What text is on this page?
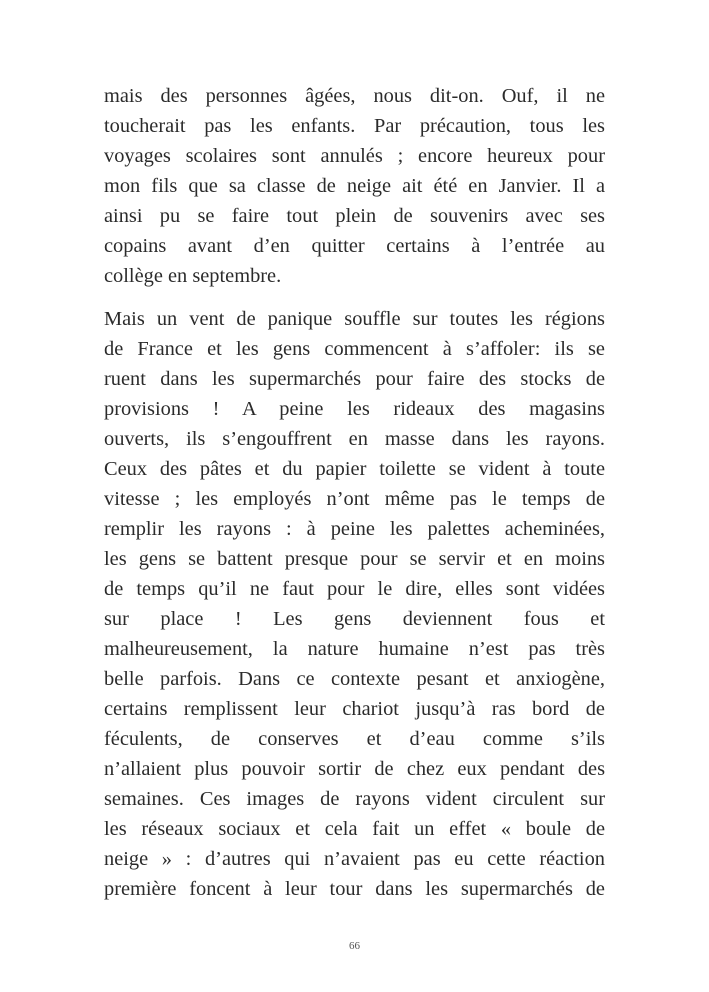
mais des personnes âgées, nous dit-on. Ouf, il ne
toucherait pas les enfants. Par précaution, tous les
voyages scolaires sont annulés ; encore heureux pour
mon fils que sa classe de neige ait été en Janvier. Il a
ainsi pu se faire tout plein de souvenirs avec ses
copains avant d’en quitter certains à l’entrée au
collège en septembre.
Mais un vent de panique souffle sur toutes les régions
de France et les gens commencent à s’affoler: ils se
ruent dans les supermarchés pour faire des stocks de
provisions ! A peine les rideaux des magasins
ouverts, ils s’engouffrent en masse dans les rayons.
Ceux des pâtes et du papier toilette se vident à toute
vitesse ; les employés n’ont même pas le temps de
remplir les rayons : à peine les palettes acheminées,
les gens se battent presque pour se servir et en moins
de temps qu’il ne faut pour le dire, elles sont vidées
sur place ! Les gens deviennent fous et
malheureusement, la nature humaine n’est pas très
belle parfois. Dans ce contexte pesant et anxiogène,
certains remplissent leur chariot jusqu’à ras bord de
féculents, de conserves et d’eau comme s’ils
n’allaient plus pouvoir sortir de chez eux pendant des
semaines. Ces images de rayons vident circulent sur
les réseaux sociaux et cela fait un effet « boule de
neige » : d’autres qui n’avaient pas eu cette réaction
première foncent à leur tour dans les supermarchés de
66
